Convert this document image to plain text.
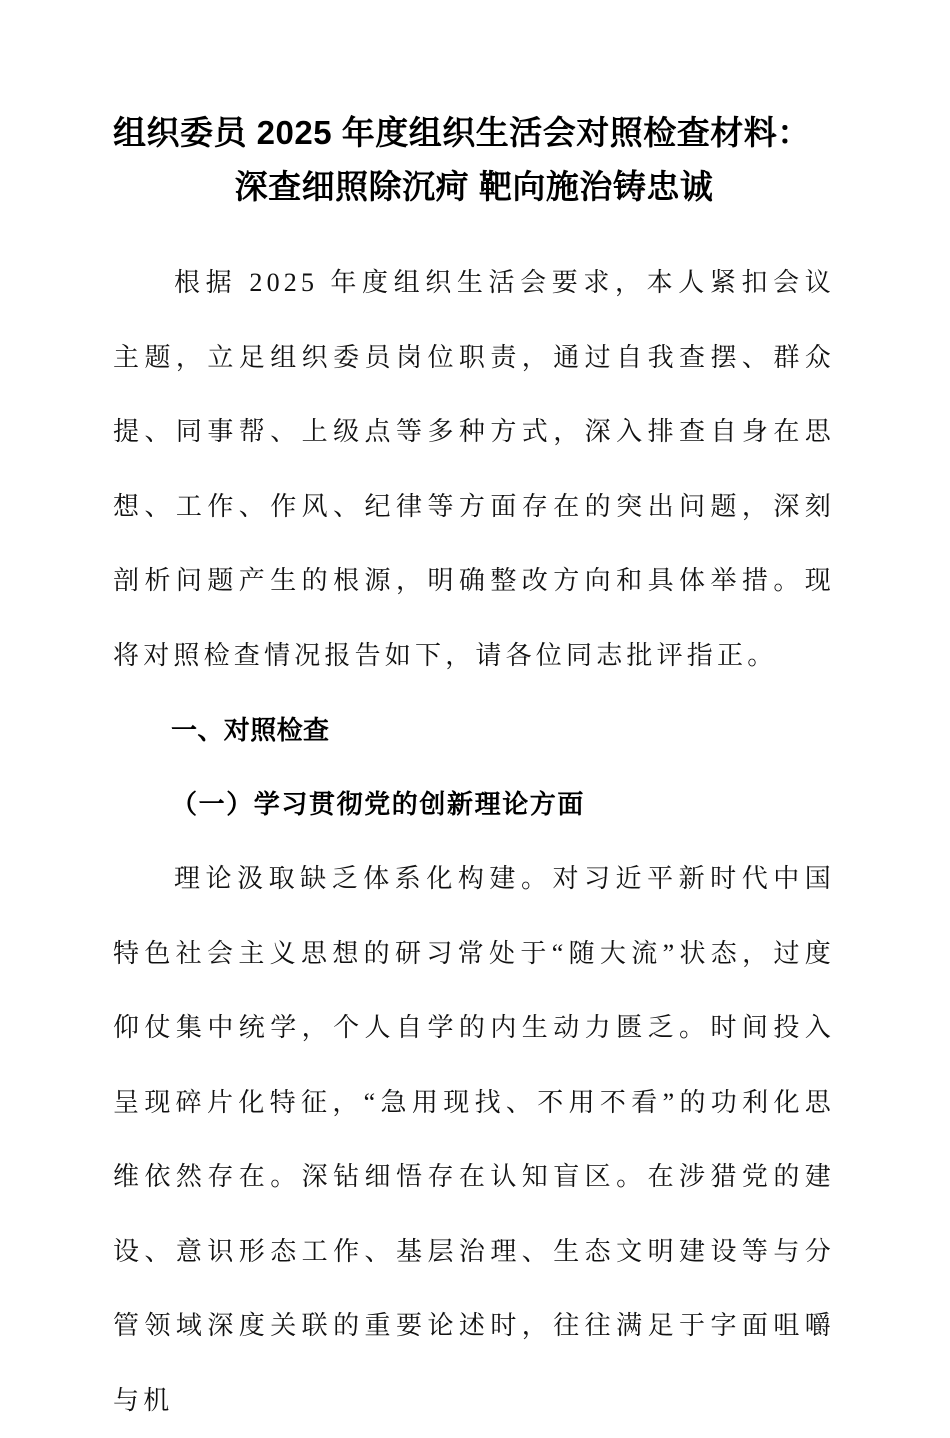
组织委员 2025 年度组织生活会对照检查材料：
深查细照除沉疴 靶向施治铸忠诚

根据 2025 年度组织生活会要求，本人紧扣会议主题，立足组织委员岗位职责，通过自我查摆、群众提、同事帮、上级点等多种方式，深入排查自身在思想、工作、作风、纪律等方面存在的突出问题，深刻剖析问题产生的根源，明确整改方向和具体举措。现将对照检查情况报告如下，请各位同志批评指正。

一、对照检查
（一）学习贯彻党的创新理论方面

理论汲取缺乏体系化构建。对习近平新时代中国特色社会主义思想的研习常处于“随大流”状态，过度仰仗集中统学，个人自学的内生动力匮乏。时间投入呈现碎片化特征，“急用现找、不用不看”的功利化思维依然存在。深钻细悟存在认知盲区。在涉猎党的建设、意识形态工作、基层治理、生态文明建设等与分管领域深度关联的重要论述时，往往满足于字面咀嚼与机
